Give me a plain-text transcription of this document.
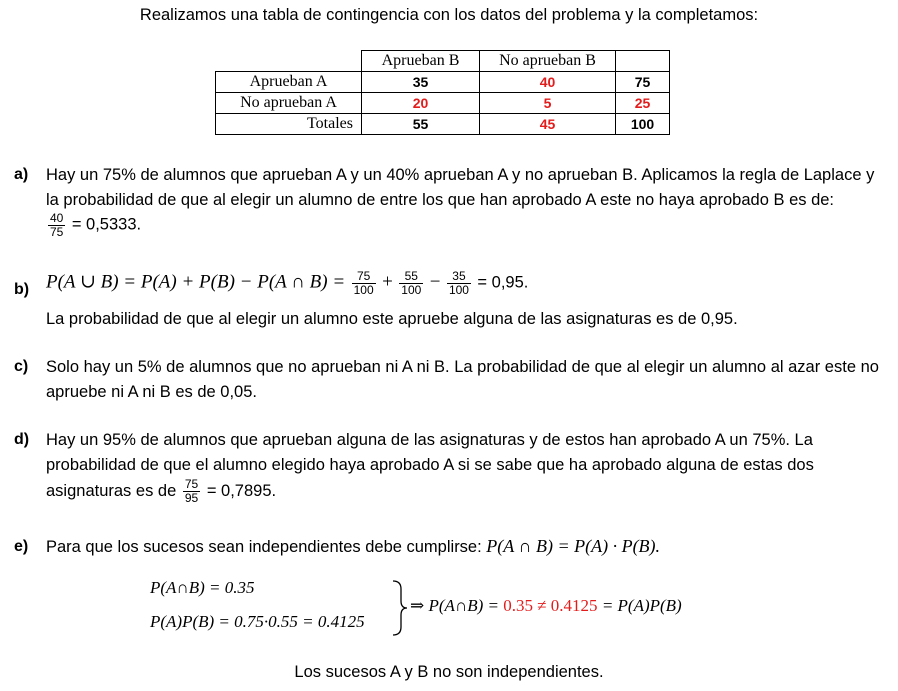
Realizamos una tabla de contingencia con los datos del problema y la completamos:
	Aprueban B	No aprueban B	
Aprueban A	35	40	75
No aprueban A	20	5	25
Totales	55	45	100
a) Hay un 75% de alumnos que aprueban A y un 40% aprueban A y no aprueban B. Aplicamos la regla de Laplace y la probabilidad de que al elegir un alumno de entre los que han aprobado A este no haya aprobado B es de:
$\frac{40}{75} = 0,5333$.
b) P(A ∪ B) = P(A) + P(B) − P(A ∩ $B) = \frac{75}{100} + \frac{55}{100} - \frac{35}{100} = 0,95$.
La probabilidad de que al elegir un alumno este apruebe alguna de las asignaturas es de 0,95.
c) Solo hay un 5% de alumnos que no aprueban ni A ni B. La probabilidad de que al elegir un alumno al azar este no apruebe ni A ni B es de 0,05.
d) Hay un 95% de alumnos que aprueban alguna de las asignaturas y de estos han aprobado A un 75%. La probabilidad de que el alumno elegido haya aprobado A si se sabe que ha aprobado alguna de estas dos asignaturas es de $\frac{75}{95} = 0,7895$.
e) Para que los sucesos sean independientes debe cumplirse: P(A ∩ B) = P(A) · P(B).
P(A∩B) = 0.35
P(A)P(B) = 0.75·0.55 = 0.4125
⇒ P(A∩B) = 0.35 ≠ 0.4125 = P(A)P(B)
Los sucesos A y B no son independientes.
